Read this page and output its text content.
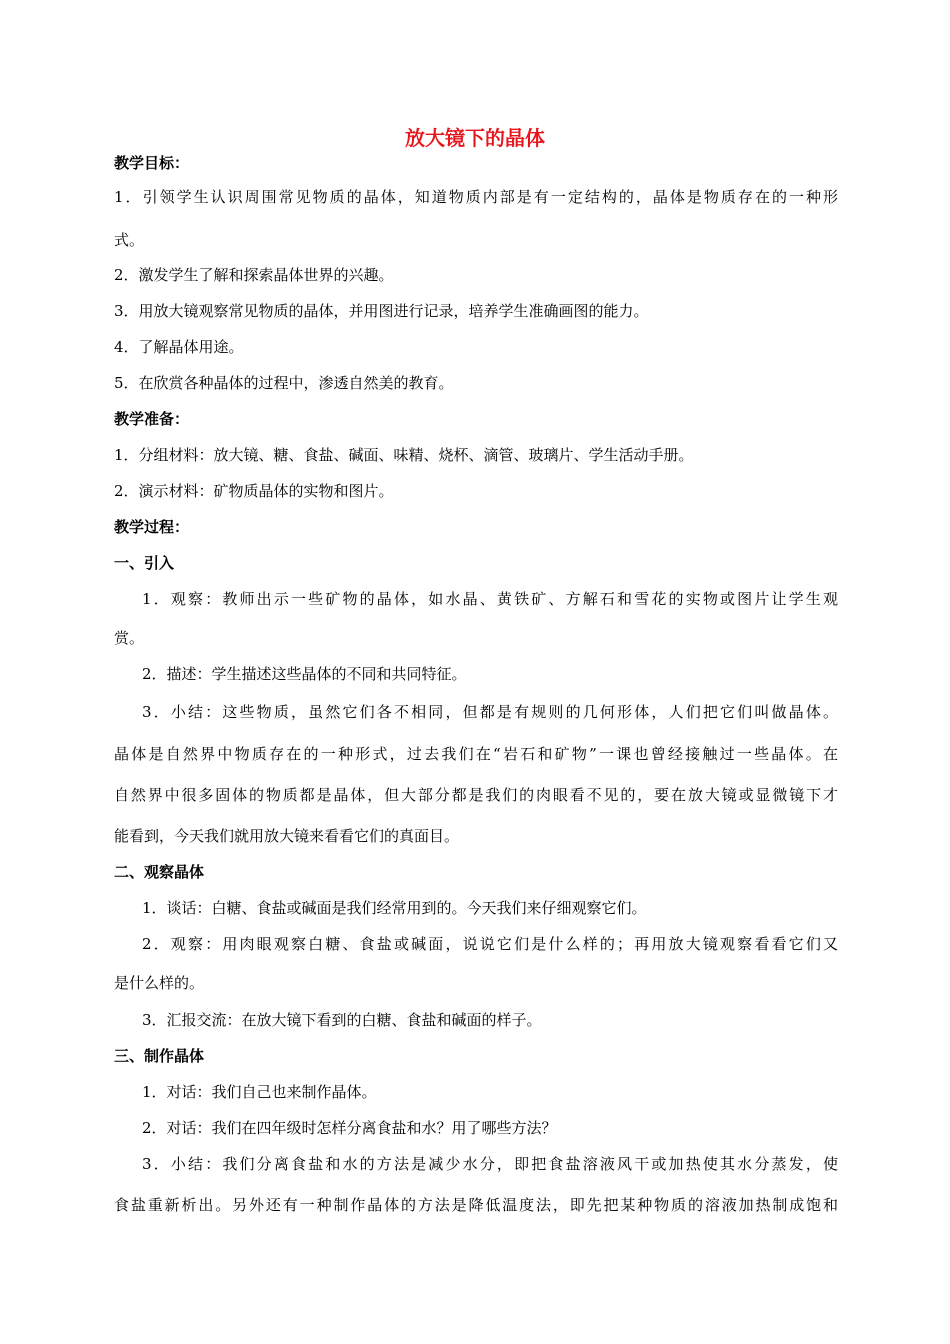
放大镜下的晶体
教学目标：
1．引领学生认识周围常见物质的晶体，知道物质内部是有一定结构的，晶体是物质存在的一种形
式。
2．激发学生了解和探索晶体世界的兴趣。
3．用放大镜观察常见物质的晶体，并用图进行记录，培养学生准确画图的能力。
4．了解晶体用途。
5．在欣赏各种晶体的过程中，渗透自然美的教育。
教学准备：
1．分组材料：放大镜、糖、食盐、碱面、味精、烧杯、滴管、玻璃片、学生活动手册。
2．演示材料：矿物质晶体的实物和图片。
教学过程：
一、引入
1．观察：教师出示一些矿物的晶体，如水晶、黄铁矿、方解石和雪花的实物或图片让学生观
赏。
2．描述：学生描述这些晶体的不同和共同特征。
3．小结：这些物质，虽然它们各不相同，但都是有规则的几何形体，人们把它们叫做晶体。
晶体是自然界中物质存在的一种形式，过去我们在“岩石和矿物”一课也曾经接触过一些晶体。在
自然界中很多固体的物质都是晶体，但大部分都是我们的肉眼看不见的，要在放大镜或显微镜下才
能看到，今天我们就用放大镜来看看它们的真面目。
二、观察晶体
1．谈话：白糖、食盐或碱面是我们经常用到的。今天我们来仔细观察它们。
2．观察：用肉眼观察白糖、食盐或碱面，说说它们是什么样的；再用放大镜观察看看它们又
是什么样的。
3．汇报交流：在放大镜下看到的白糖、食盐和碱面的样子。
三、制作晶体
1．对话：我们自己也来制作晶体。
2．对话：我们在四年级时怎样分离食盐和水？用了哪些方法？
3．小结：我们分离食盐和水的方法是减少水分，即把食盐溶液风干或加热使其水分蒸发，使
食盐重新析出。另外还有一种制作晶体的方法是降低温度法，即先把某种物质的溶液加热制成饱和
